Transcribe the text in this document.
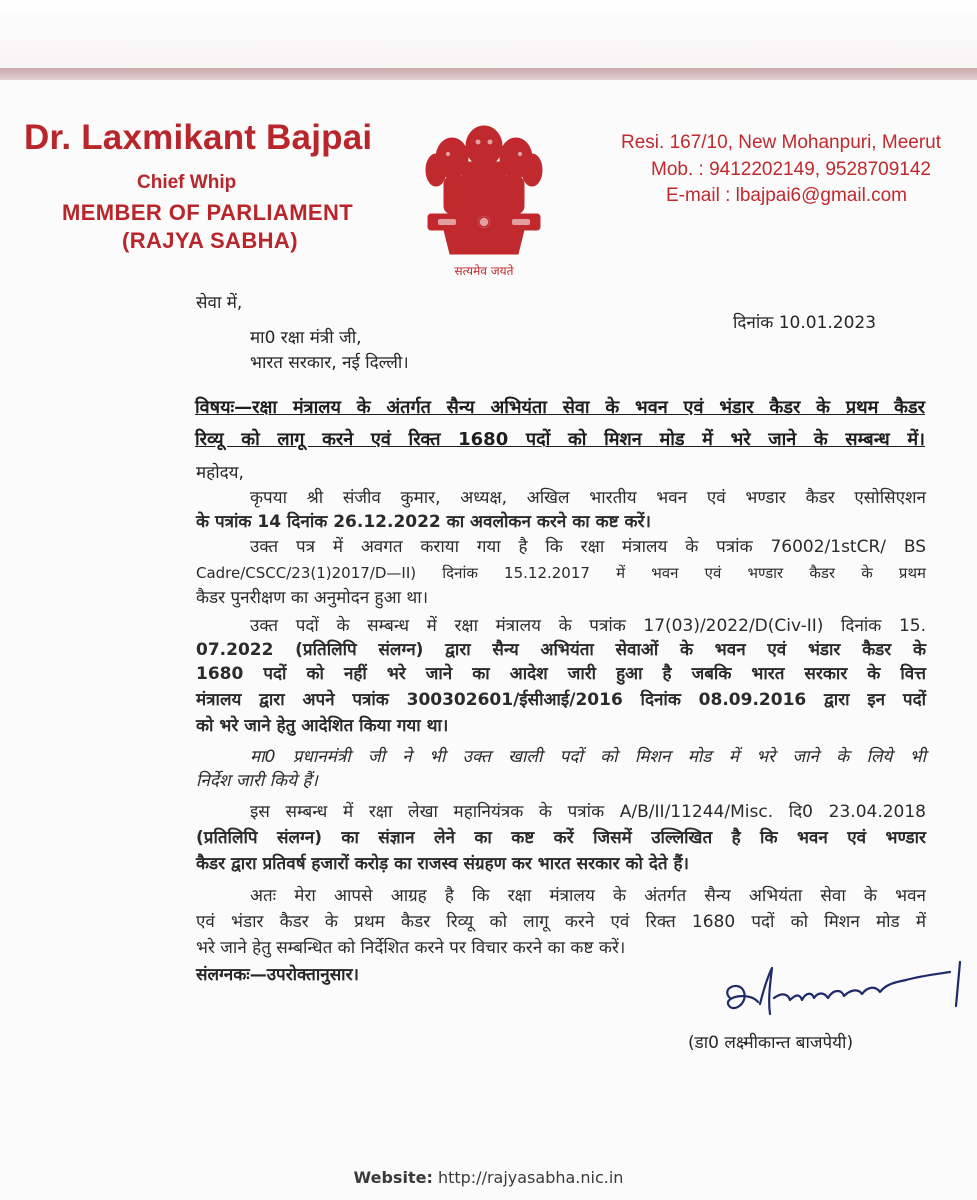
Dr. Laxmikant Bajpai
Chief Whip
MEMBER OF PARLIAMENT
(RAJYA SABHA)
सत्यमेव जयते
Resi. 167/10, New Mohanpuri, Meerut
Mob. : 9412202149, 9528709142
E-mail : lbajpai6@gmail.com
सेवा में,
मा0 रक्षा मंत्री जी,
भारत सरकार, नई दिल्ली।
दिनांक 10.01.2023
विषयः—रक्षा मंत्रालय के अंतर्गत सैन्य अभियंता सेवा के भवन एवं भंडार कैडर के प्रथम कैडर
रिव्यू को लागू करने एवं रिक्त 1680 पदों को मिशन मोड में भरे जाने के सम्बन्ध में।
महोदय,
कृपया श्री संजीव कुमार, अध्यक्ष, अखिल भारतीय भवन एवं भण्डार कैडर एसोसिएशन
के पत्रांक 14 दिनांक 26.12.2022 का अवलोकन करने का कष्ट करें।
उक्त पत्र में अवगत कराया गया है कि रक्षा मंत्रालय के पत्रांक 76002/1stCR/ BS
Cadre/CSCC/23(1)2017/D—II) दिनांक 15.12.2017 में भवन एवं भण्डार कैडर के प्रथम
कैडर पुनरीक्षण का अनुमोदन हुआ था।
उक्त पदों के सम्बन्ध में रक्षा मंत्रालय के पत्रांक 17(03)/2022/D(Civ-II) दिनांक 15.
07.2022 (प्रतिलिपि संलग्न) द्वारा सैन्य अभियंता सेवाओं के भवन एवं भंडार कैडर के
1680 पदों को नहीं भरे जाने का आदेश जारी हुआ है जबकि भारत सरकार के वित्त
मंत्रालय द्वारा अपने पत्रांक 300302601/ईसीआई/2016 दिनांक 08.09.2016 द्वारा इन पदों
को भरे जाने हेतु आदेशित किया गया था।
मा0 प्रधानमंत्री जी ने भी उक्त खाली पदों को मिशन मोड में भरे जाने के लिये भी
निर्देश जारी किये हैं।
इस सम्बन्ध में रक्षा लेखा महानियंत्रक के पत्रांक A/B/II/11244/Misc. दि0 23.04.2018
(प्रतिलिपि संलग्न) का संज्ञान लेने का कष्ट करें जिसमें उल्लिखित है कि भवन एवं भण्डार
कैडर द्वारा प्रतिवर्ष हजारों करोड़ का राजस्व संग्रहण कर भारत सरकार को देते हैं।
अतः मेरा आपसे आग्रह है कि रक्षा मंत्रालय के अंतर्गत सैन्य अभियंता सेवा के भवन
एवं भंडार कैडर के प्रथम कैडर रिव्यू को लागू करने एवं रिक्त 1680 पदों को मिशन मोड में
भरे जाने हेतु सम्बन्धित को निर्देशित करने पर विचार करने का कष्ट करें।
संलग्नकः—उपरोक्तानुसार।
(डा0 लक्ष्मीकान्त बाजपेयी)
Website: http://rajyasabha.nic.in
